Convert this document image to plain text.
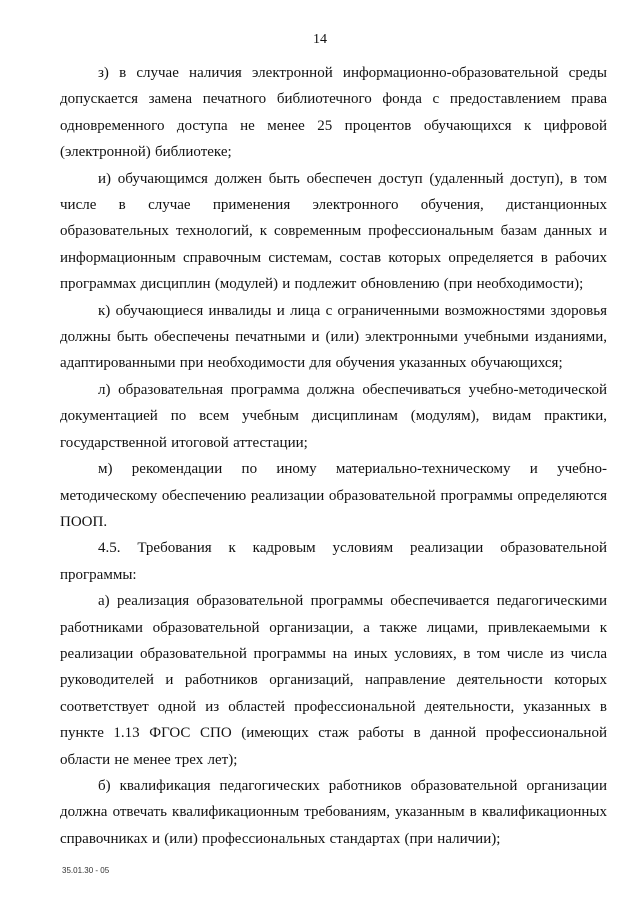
14

з) в случае наличия электронной информационно-образовательной среды допускается замена печатного библиотечного фонда с предоставлением права одновременного доступа не менее 25 процентов обучающихся к цифровой (электронной) библиотеке;

и) обучающимся должен быть обеспечен доступ (удаленный доступ), в том числе в случае применения электронного обучения, дистанционных образовательных технологий, к современным профессиональным базам данных и информационным справочным системам, состав которых определяется в рабочих программах дисциплин (модулей) и подлежит обновлению (при необходимости);

к) обучающиеся инвалиды и лица с ограниченными возможностями здоровья должны быть обеспечены печатными и (или) электронными учебными изданиями, адаптированными при необходимости для обучения указанных обучающихся;

л) образовательная программа должна обеспечиваться учебно-методической документацией по всем учебным дисциплинам (модулям), видам практики, государственной итоговой аттестации;

м) рекомендации по иному материально-техническому и учебно-методическому обеспечению реализации образовательной программы определяются ПООП.

4.5. Требования к кадровым условиям реализации образовательной программы:

а) реализация образовательной программы обеспечивается педагогическими работниками образовательной организации, а также лицами, привлекаемыми к реализации образовательной программы на иных условиях, в том числе из числа руководителей и работников организаций, направление деятельности которых соответствует одной из областей профессиональной деятельности, указанных в пункте 1.13 ФГОС СПО (имеющих стаж работы в данной профессиональной области не менее трех лет);

б) квалификация педагогических работников образовательной организации должна отвечать квалификационным требованиям, указанным в квалификационных справочниках и (или) профессиональных стандартах (при наличии);

35.01.30 - 05
